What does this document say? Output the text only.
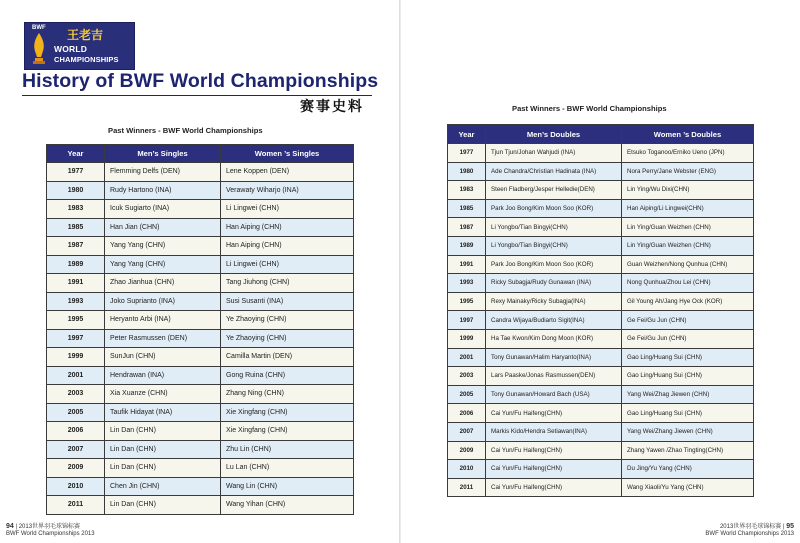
BWF 王老吉
WORLD
CHAMPIONSHIPS
History of BWF World Championships
赛事史料
Past Winners - BWF World Championships
Year	Men’s Singles	Women ’s Singles
1977	Flemming Delfs (DEN)	Lene Koppen (DEN)
1980	Rudy Hartono (INA)	Verawaty Wiharjo (INA)
1983	Icuk Sugiarto (INA)	Li Lingwei (CHN)
1985	Han Jian (CHN)	Han Aiping (CHN)
1987	Yang Yang (CHN)	Han Aiping (CHN)
1989	Yang Yang (CHN)	Li Lingwei (CHN)
1991	Zhao Jianhua (CHN)	Tang Jiuhong (CHN)
1993	Joko Suprianto (INA)	Susi Susanti (INA)
1995	Heryanto Arbi (INA)	Ye Zhaoying (CHN)
1997	Peter Rasmussen (DEN)	Ye Zhaoying (CHN)
1999	SunJun (CHN)	Camilla Martin (DEN)
2001	Hendrawan (INA)	Gong Ruina (CHN)
2003	Xia Xuanze (CHN)	Zhang Ning (CHN)
2005	Taufik Hidayat (INA)	Xie Xingfang (CHN)
2006	Lin Dan (CHN)	Xie Xingfang (CHN)
2007	Lin Dan (CHN)	Zhu Lin (CHN)
2009	Lin Dan (CHN)	Lu Lan (CHN)
2010	Chen Jin (CHN)	Wang Lin (CHN)
2011	Lin Dan (CHN)	Wang Yihan (CHN)
94 | 2013世界羽毛球锦标赛
BWF World Championships 2013
Past Winners - BWF World Championships
Year	Men’s Doubles	Women ’s Doubles
1977	Tjun Tjun/Johan Wahjudi (INA)	Etsuko Toganoo/Erniko Ueno (JPN)
1980	Ade Chandra/Christian Hadinata (INA)	Nora Perry/Jane Webster (ENG)
1983	Steen Fladberg/Jesper Helledie(DEN)	Lin Ying/Wu Dixi(CHN)
1985	Park Joo Bong/Kim Moon Soo (KOR)	Han Aiping/Li Lingwei(CHN)
1987	Li Yongbo/Tian Bingyi(CHN)	Lin Ying/Guan Weizhen (CHN)
1989	Li Yongbo/Tian Bingyi(CHN)	Lin Ying/Guan Weizhen (CHN)
1991	Park Joo Bong/Kim Moon Soo (KOR)	Guan Weizhen/Nong Qunhua (CHN)
1993	Ricky Subagja/Rudy Gunawan (INA)	Nong Qunhua/Zhou Lei (CHN)
1995	Rexy Mainaky/Ricky Subagja(INA)	Gil Young Ah/Jang Hye Ock (KOR)
1997	Candra Wijaya/Budiarto Sigit(INA)	Ge Fei/Gu Jun (CHN)
1999	Ha Tae Kwon/Kim Dong Moon (KOR)	Ge Fei/Gu Jun (CHN)
2001	Tony Gunawan/Halim Haryanto(INA)	Gao Ling/Huang Sui (CHN)
2003	Lars Paaske/Jonas Rasmussen(DEN)	Gao Ling/Huang Sui (CHN)
2005	Tony Gunawan/Howard Bach (USA)	Yang Wei/Zhag Jiewen (CHN)
2006	Cai Yun/Fu Haifeng(CHN)	Gao Ling/Huang Sui (CHN)
2007	Markis Kido/Hendra Setiawan(INA)	Yang Wei/Zhang Jiewen (CHN)
2009	Cai Yun/Fu Haifeng(CHN)	Zhang Yawen /Zhao Tingting(CHN)
2010	Cai Yun/Fu Haifeng(CHN)	Du Jing/Yu Yang (CHN)
2011	Cai Yun/Fu Haifeng(CHN)	Wang Xiaoli/Yu Yang (CHN)
2013世界羽毛球锦标赛 | 95
BWF World Championships 2013
